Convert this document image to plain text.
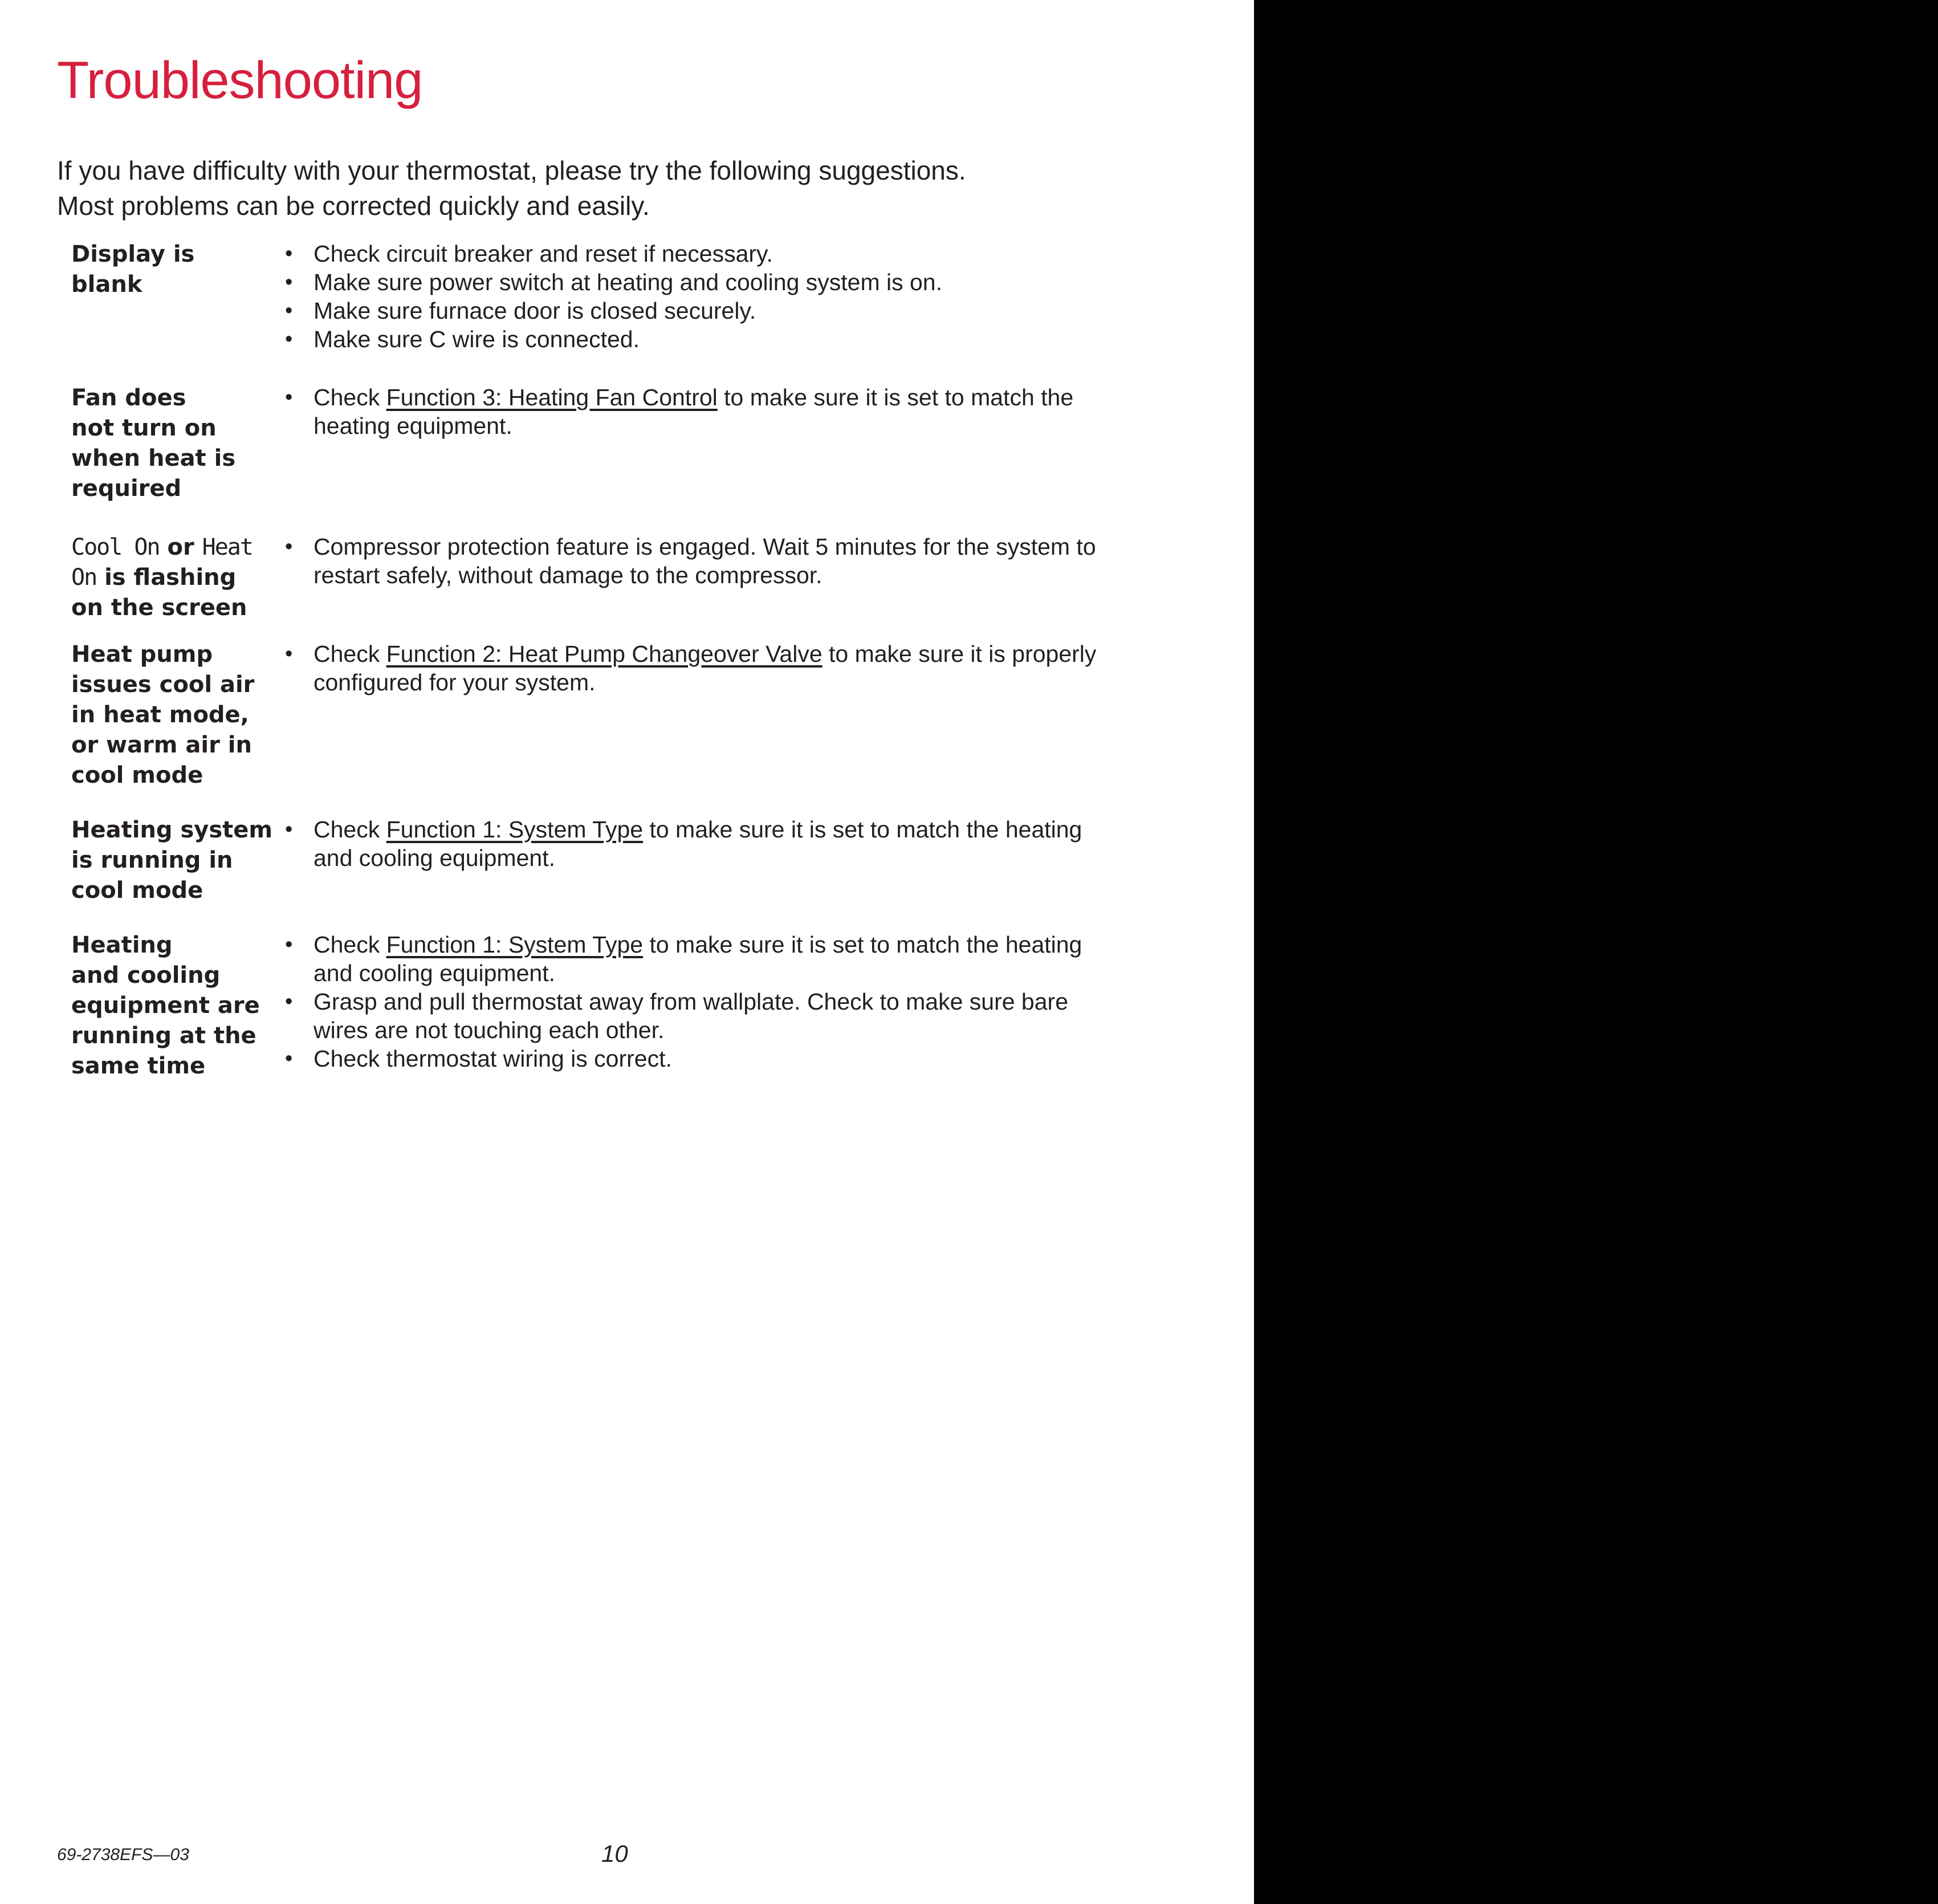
Troubleshooting
If you have difficulty with your thermostat, please try the following suggestions.
Most problems can be corrected quickly and easily.
Display is
blank
• Check circuit breaker and reset if necessary.
• Make sure power switch at heating and cooling system is on.
• Make sure furnace door is closed securely.
• Make sure C wire is connected.
Fan does
not turn on
when heat is
required
• Check Function 3: Heating Fan Control to make sure it is set to match the
heating equipment.
Cool On or Heat
On is flashing
on the screen
• Compressor protection feature is engaged. Wait 5 minutes for the system to
restart safely, without damage to the compressor.
Heat pump
issues cool air
in heat mode,
or warm air in
cool mode
• Check Function 2: Heat Pump Changeover Valve to make sure it is properly
configured for your system.
Heating system
is running in
cool mode
• Check Function 1: System Type to make sure it is set to match the heating
and cooling equipment.
Heating
and cooling
equipment are
running at the
same time
• Check Function 1: System Type to make sure it is set to match the heating
and cooling equipment.
• Grasp and pull thermostat away from wallplate. Check to make sure bare
wires are not touching each other.
• Check thermostat wiring is correct.
69-2738EFS—03	10
